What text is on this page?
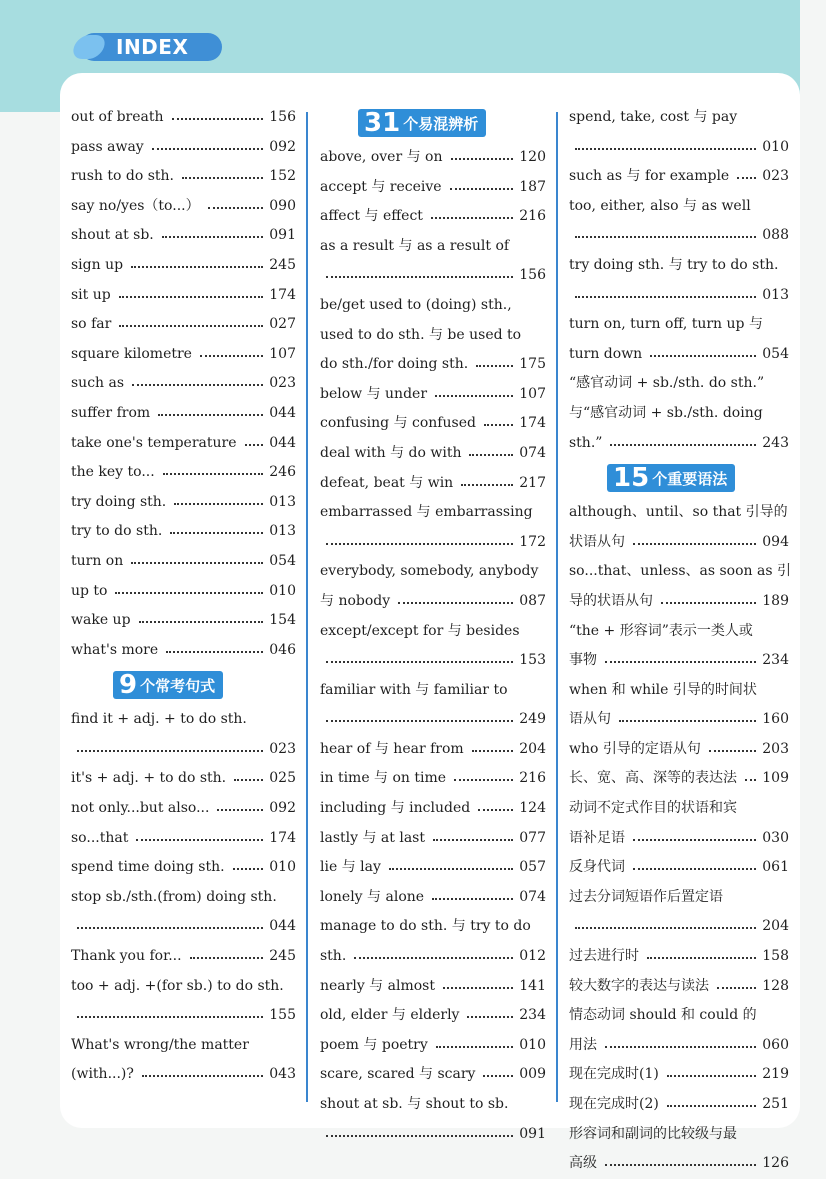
INDEX
out of breath	156
pass away	092
rush to do sth.	152
say no/yes（to...）	090
shout at sb.	091
sign up	245
sit up	174
so far	027
square kilometre	107
such as	023
suffer from	044
take one's temperature 044
the key to...	246
try doing sth.	013
try to do sth.	013
turn on	054
up to	010
wake up	154
what's more	046
9 个常考句式
find it + adj. + to do sth.
023
it's + adj. + to do sth.	025
not only...but also...	092
so...that	174
spend time doing sth.	010
stop sb./sth.(from) doing sth.
044
Thank you for...	245
too + adj. +(for sb.) to do sth.
155
What's wrong/the matter
(with...)?	043
31 个易混辨析
above, over 与 on	120
accept 与 receive	187
affect 与 effect	216
as a result 与 as a result of
156
be/get used to (doing) sth.,
used to do sth. 与 be used to
do sth./for doing sth.	175
below 与 under	107
confusing 与 confused	174
deal with 与 do with	074
defeat, beat 与 win	217
embarrassed 与 embarrassing
172
everybody, somebody, anybody
与 nobody	087
except/except for 与 besides
153
familiar with 与 familiar to
249
hear of 与 hear from	204
in time 与 on time	216
including 与 included	124
lastly 与 at last	077
lie 与 lay	057
lonely 与 alone	074
manage to do sth. 与 try to do
sth.	012
nearly 与 almost	141
old, elder 与 elderly	234
poem 与 poetry	010
scare, scared 与 scary	009
shout at sb. 与 shout to sb.
091
spend, take, cost 与 pay
010
such as 与 for example 023
too, either, also 与 as well
088
try doing sth. 与 try to do sth.
013
turn on, turn off, turn up 与
turn down	054
“感官动词 + sb./sth. do sth.”
与“感官动词 + sb./sth. doing
sth.”	243
15 个重要语法
although、until、so that 引导的
状语从句	094
so...that、unless、as soon as 引
导的状语从句	189
“the + 形容词”表示一类人或
事物	234
when 和 while 引导的时间状
语从句	160
who 引导的定语从句	203
长、宽、高、深等的表达法 109
动词不定式作目的状语和宾
语补足语	030
反身代词	061
过去分词短语作后置定语
204
过去进行时	158
较大数字的表达与读法	128
情态动词 should 和 could 的
用法	060
现在完成时(1)	219
现在完成时(2)	251
形容词和副词的比较级与最
高级	126
